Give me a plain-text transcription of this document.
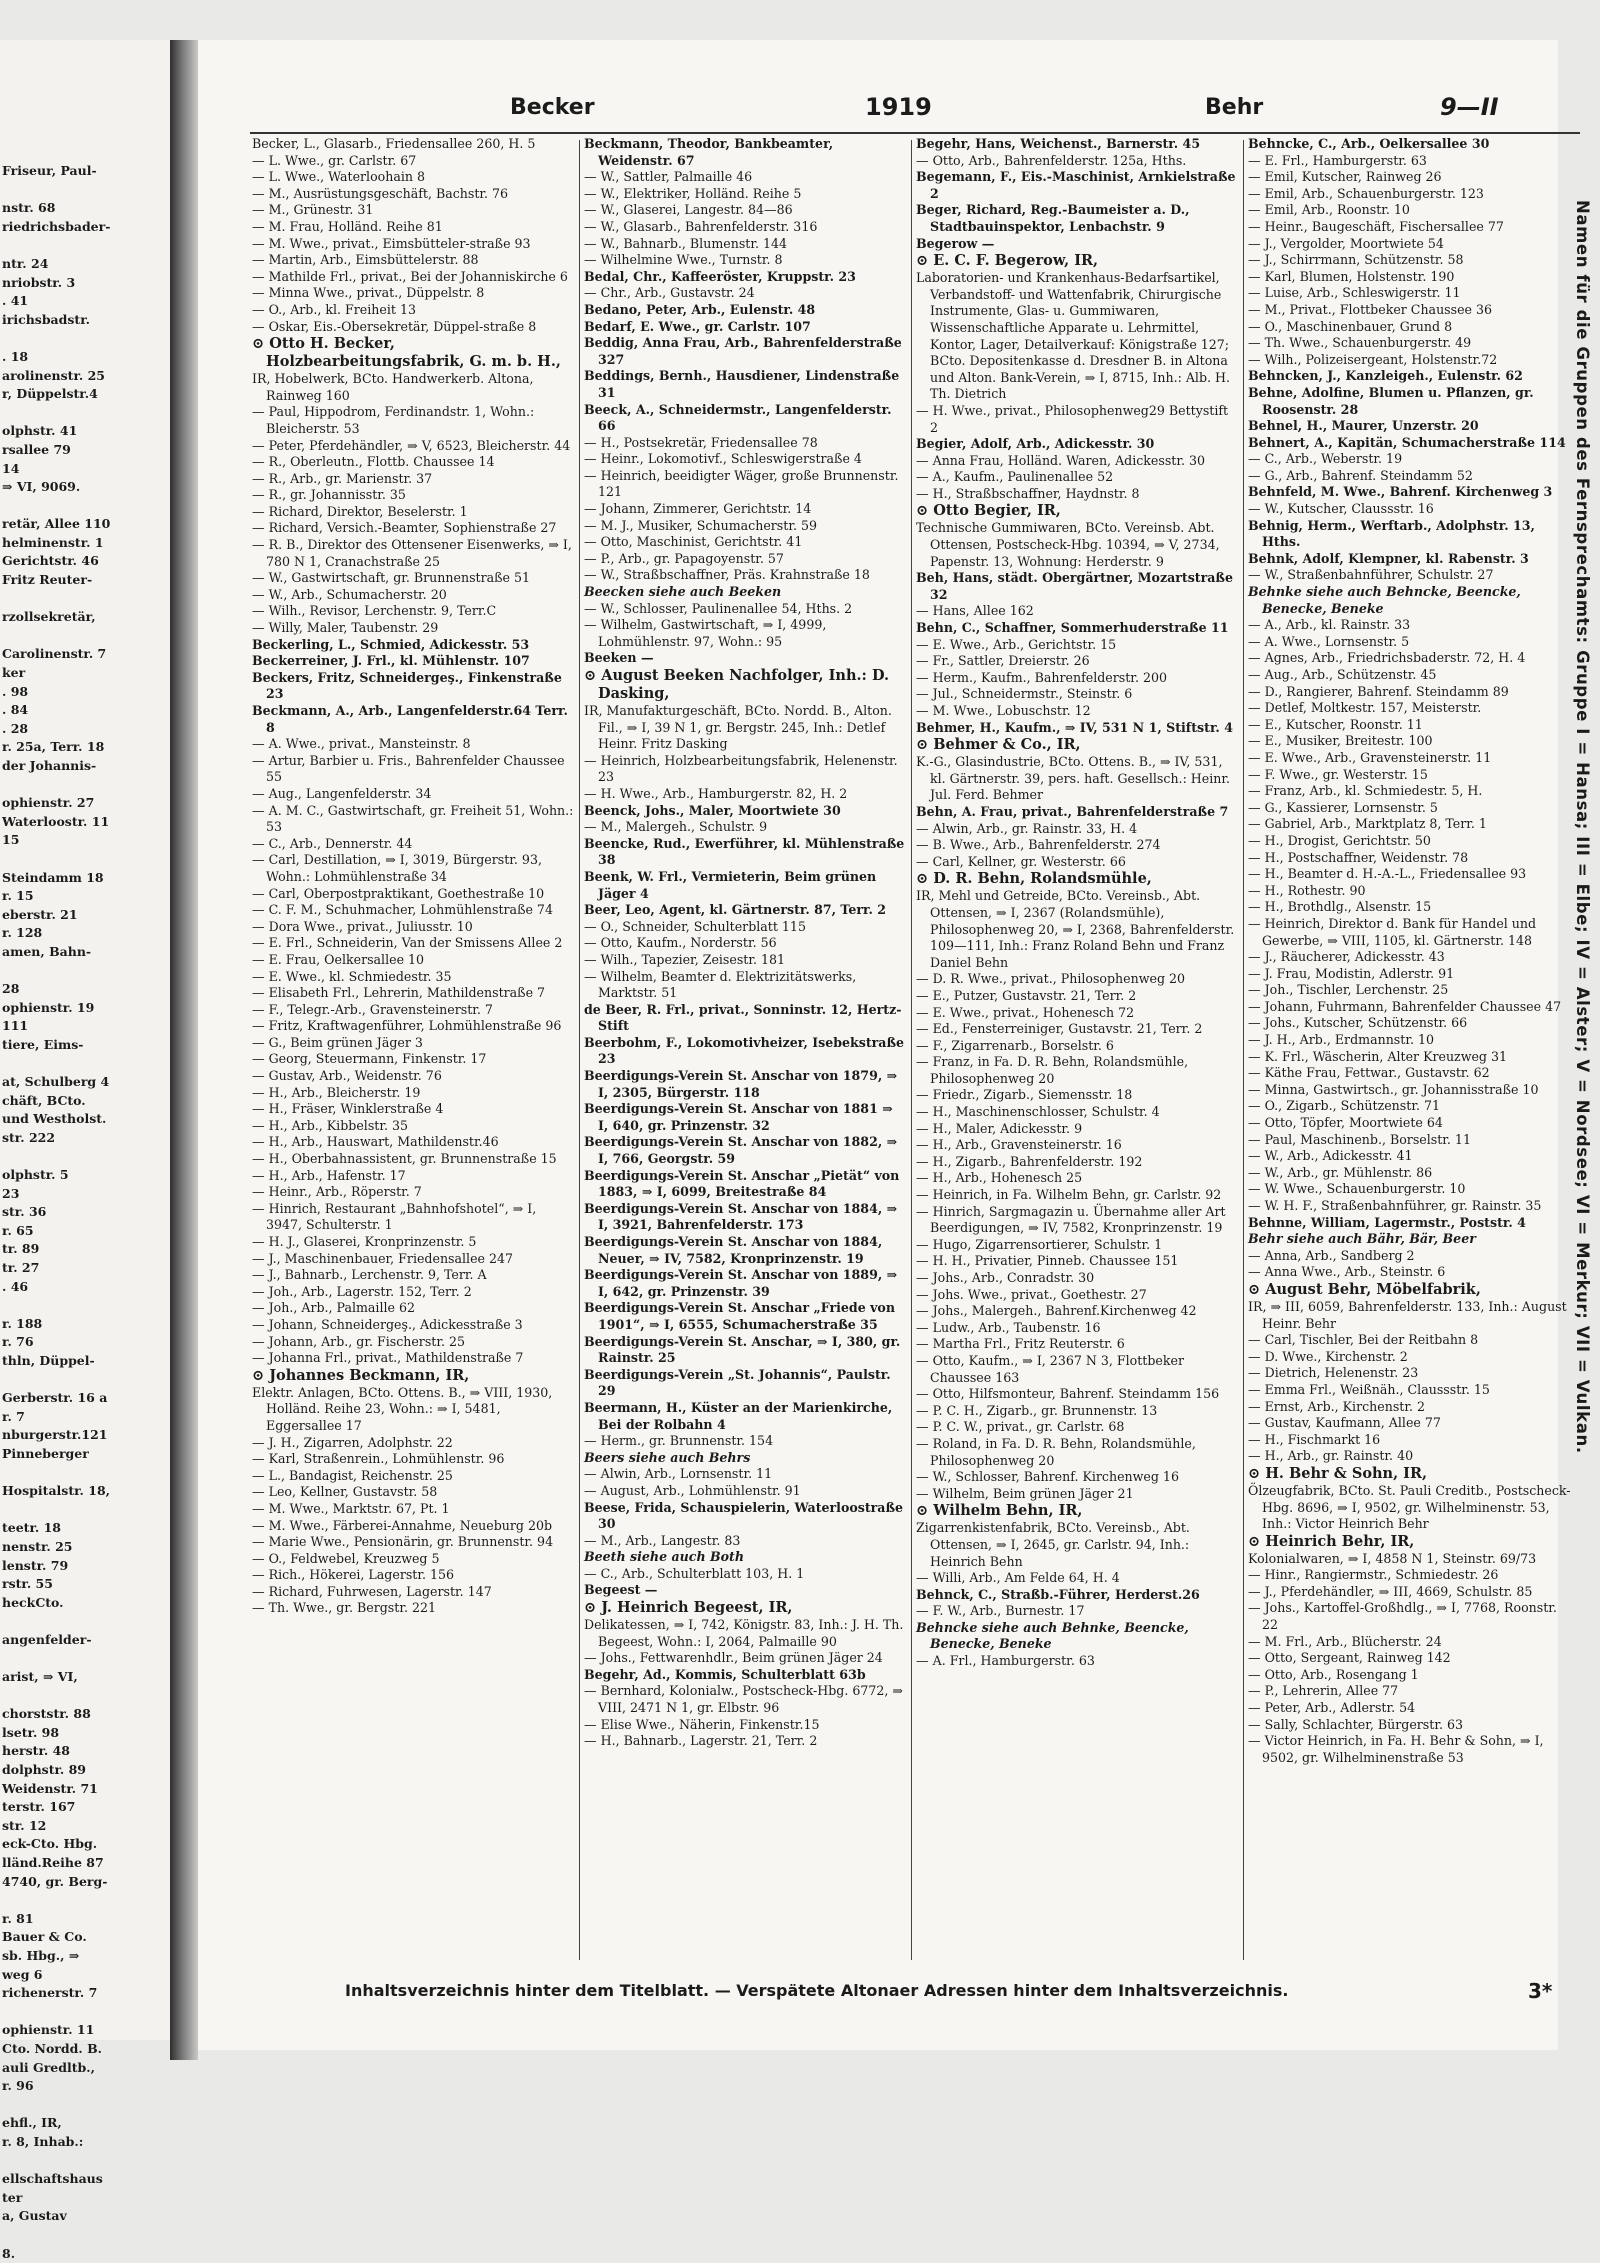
Friseur, Paul-

nstr. 68
riedrichsbader-

ntr. 24
nriobstr. 3
. 41
irichsbadstr.

. 18
arolinenstr. 25
r, Düppelstr.4

olphstr. 41
rsallee 79
14
⇒ VI, 9069.

retär, Allee 110
helminenstr. 1
Gerichtstr. 46
Fritz Reuter-

rzollsekretär,

Carolinenstr. 7
ker
. 98
. 84
. 28
r. 25a, Terr. 18
der Johannis-

ophienstr. 27
Waterloostr. 11
15

Steindamm 18
r. 15
eberstr. 21
r. 128
amen, Bahn-

28
ophienstr. 19
111
tiere, Eims-

at, Schulberg 4
chäft, BCto.
und Westholst.
str. 222

olphstr. 5
23
str. 36
r. 65
tr. 89
tr. 27
. 46

r. 188
r. 76
thln, Düppel-

Gerberstr. 16 a
r. 7
nburgerstr.121
Pinneberger

Hospitalstr. 18,

teetr. 18
nenstr. 25
lenstr. 79
rstr. 55
heckCto.

angenfelder-

arist, ⇒ VI,

chorststr. 88
lsetr. 98
herstr. 48
dolphstr. 89
Weidenstr. 71
terstr. 167
str. 12
eck-Cto. Hbg.
lländ.Reihe 87
4740, gr. Berg-

r. 81
Bauer & Co.
sb. Hbg., ⇒
weg 6
richenerstr. 7

ophienstr. 11
Cto. Nordd. B.
auli Gredltb.,
r. 96

ehfl., IR,
r. 8, Inhab.:

ellschaftshaus
ter
a, Gustav

8.
Becker	1919	Behr	9—II

Becker, L., Glasarb., Friedensallee 260, H. 5

— L. Wwe., gr. Carlstr. 67

— L. Wwe., Waterloohain 8

— M., Ausrüstungsgeschäft, Bachstr. 76

— M., Grünestr. 31

— M. Frau, Holländ. Reihe 81

— M. Wwe., privat., Eimsbütteler-straße 93

— Martin, Arb., Eimsbüttelerstr. 88

— Mathilde Frl., privat., Bei der Johanniskirche 6

— Minna Wwe., privat., Düppelstr. 8

— O., Arb., kl. Freiheit 13

— Oskar, Eis.-Obersekretär, Düppel-straße 8

⊙ Otto H. Becker, Holzbearbeitungsfabrik, G. m. b. H.,

IR, Hobelwerk, BCto. Handwerkerb. Altona, Rainweg 160

— Paul, Hippodrom, Ferdinandstr. 1, Wohn.: Bleicherstr. 53

— Peter, Pferdehändler, ⇒ V, 6523, Bleicherstr. 44

— R., Oberleutn., Flottb. Chaussee 14

— R., Arb., gr. Marienstr. 37

— R., gr. Johannisstr. 35

— Richard, Direktor, Beselerstr. 1

— Richard, Versich.-Beamter, Sophienstraße 27

— R. B., Direktor des Ottensener Eisenwerks, ⇒ I, 780 N 1, Cranachstraße 25

— W., Gastwirtschaft, gr. Brunnenstraße 51

— W., Arb., Schumacherstr. 20

— Wilh., Revisor, Lerchenstr. 9, Terr.C

— Willy, Maler, Taubenstr. 29

Beckerling, L., Schmied, Adickesstr. 53

Beckerreiner, J. Frl., kl. Mühlenstr. 107

Beckers, Fritz, Schneidergeş., Finkenstraße 23

Beckmann, A., Arb., Langenfelderstr.64 Terr. 8

— A. Wwe., privat., Manstеinstr. 8

— Artur, Barbier u. Fris., Bahrenfelder Chaussee 55

— Aug., Langenfelderstr. 34

— A. M. C., Gastwirtschaft, gr. Freiheit 51, Wohn.: 53

— C., Arb., Dennerstr. 44

— Carl, Destillation, ⇒ I, 3019, Bürgerstr. 93, Wohn.: Lohmühlenstraße 34

— Carl, Oberpostpraktikant, Goethestraße 10

— C. F. M., Schuhmacher, Lohmühlenstraße 74

— Dora Wwe., privat., Juliusstr. 10

— E. Frl., Schneiderin, Van der Smissens Allee 2

— E. Frau, Oelkersallee 10

— E. Wwe., kl. Schmiedestr. 35

— Elisabeth Frl., Lehrerin, Mathildenstraße 7

— F., Telegr.-Arb., Gravensteinerstr. 7

— Fritz, Kraftwagenführer, Lohmühlenstraße 96

— G., Beim grünen Jäger 3

— Georg, Steuermann, Finkenstr. 17

— Gustav, Arb., Weidenstr. 76

— H., Arb., Bleicherstr. 19

— H., Fräser, Winklerstraße 4

— H., Arb., Kibbelstr. 35

— H., Arb., Hauswart, Mathildenstr.46

— H., Oberbahnassistent, gr. Brunnenstraße 15

— H., Arb., Hafenstr. 17

— Heinr., Arb., Röperstr. 7

— Hinrich, Restaurant „Bahnhofshotel“, ⇒ I, 3947, Schulterstr. 1

— H. J., Glaserei, Kronprinzenstr. 5

— J., Maschinenbauer, Friedensallee 247

— J., Bahnarb., Lerchenstr. 9, Terr. A

— Joh., Arb., Lagerstr. 152, Terr. 2

— Joh., Arb., Palmaille 62

— Johann, Schneidergeş., Adickesstraße 3

— Johann, Arb., gr. Fischerstr. 25

— Johanna Frl., privat., Mathildenstraße 7

⊙ Johannes Beckmann, IR,

Elektr. Anlagen, BCto. Ottens. B., ⇒ VIII, 1930, Holländ. Reihe 23, Wohn.: ⇒ I, 5481, Eggersallee 17

— J. H., Zigarren, Adolphstr. 22

— Karl, Straßenrein., Lohmühlenstr. 96

— L., Bandagist, Reichenstr. 25

— Leo, Kellner, Gustavstr. 58

— M. Wwe., Marktstr. 67, Pt. 1

— M. Wwe., Färberei-Annahme, Neueburg 20b

— Marie Wwe., Pensionärin, gr. Brunnenstr. 94

— O., Feldwebel, Kreuzweg 5

— Rich., Hökerei, Lagerstr. 156

— Richard, Fuhrwesen, Lagerstr. 147

— Th. Wwe., gr. Bergstr. 221

Beckmann, Theodor, Bankbeamter, Weidenstr. 67

— W., Sattler, Palmaille 46

— W., Elektriker, Holländ. Reihe 5

— W., Glaserei, Langestr. 84—86

— W., Glasarb., Bahrenfelderstr. 316

— W., Bahnarb., Blumenstr. 144

— Wilhelmine Wwe., Turnstr. 8

Bedal, Chr., Kaffeeröster, Kruppstr. 23

— Chr., Arb., Gustavstr. 24

Bedano, Peter, Arb., Eulenstr. 48

Bedarf, E. Wwe., gr. Carlstr. 107

Beddig, Anna Frau, Arb., Bahrenfelderstraße 327

Beddings, Bernh., Hausdiener, Lindenstraße 31

Beeck, A., Schneidermstr., Langenfelderstr. 66

— H., Postsekretär, Friedensallee 78

— Heinr., Lokomotivf., Schleswigerstraße 4

— Heinrich, beeidigter Wäger, große Brunnenstr. 121

— Johann, Zimmerer, Gerichtstr. 14

— M. J., Musiker, Schumacherstr. 59

— Otto, Maschinist, Gerichtstr. 41

— P., Arb., gr. Papagoyenstr. 57

— W., Straßbschaffner, Präs. Krahnstraße 18

Beecken siehe auch Beeken

— W., Schlosser, Paulinenallee 54, Hths. 2

— Wilhelm, Gastwirtschaft, ⇒ I, 4999, Lohmühlenstr. 97, Wohn.: 95

Beeken —

⊙ August Beeken Nachfolger, Inh.: D. Dasking,

IR, Manufakturgeschäft, BCto. Nordd. B., Alton. Fil., ⇒ I, 39 N 1, gr. Bergstr. 245, Inh.: Detlef Heinr. Fritz Dasking

— Heinrich, Holzbearbeitungsfabrik, Helenenstr. 23

— H. Wwe., Arb., Hamburgerstr. 82, H. 2

Beenck, Johs., Maler, Moortwiete 30

— M., Malergeh., Schulstr. 9

Beencke, Rud., Ewerführer, kl. Mühlenstraße 38

Beenk, W. Frl., Vermieterin, Beim grünen Jäger 4

Beer, Leo, Agent, kl. Gärtnerstr. 87, Terr. 2

— O., Schneider, Schulterblatt 115

— Otto, Kaufm., Norderstr. 56

— Wilh., Tapezier, Zeisestr. 181

— Wilhelm, Beamter d. Elektrizitätswerks, Marktstr. 51

de Beer, R. Frl., privat., Sonninstr. 12, Hertz-Stift

Beerbohm, F., Lokomotivheizer, Isebekstraße 23

Beerdigungs-Verein St. Anschar von 1879, ⇒ I, 2305, Bürgerstr. 118

Beerdigungs-Verein St. Anschar von 1881 ⇒ I, 640, gr. Prinzenstr. 32

Beerdigungs-Verein St. Anschar von 1882, ⇒ I, 766, Georgstr. 59

Beerdigungs-Verein St. Anschar „Pietät“ von 1883, ⇒ I, 6099, Breitestraße 84

Beerdigungs-Verein St. Anschar von 1884, ⇒ I, 3921, Bahrenfelderstr. 173

Beerdigungs-Verein St. Anschar von 1884, Neuer, ⇒ IV, 7582, Kronprinzenstr. 19

Beerdigungs-Verein St. Anschar von 1889, ⇒ I, 642, gr. Prinzenstr. 39

Beerdigungs-Verein St. Anschar „Friede von 1901“, ⇒ I, 6555, Schumacherstraße 35

Beerdigungs-Verein St. Anschar, ⇒ I, 380, gr. Rainstr. 25

Beerdigungs-Verein „St. Johannis“, Paulstr. 29

Beermann, H., Küster an der Marienkirche, Bei der Rolbahn 4

— Herm., gr. Brunnenstr. 154

Beers siehe auch Behrs

— Alwin, Arb., Lornsenstr. 11

— August, Arb., Lohmühlenstr. 91

Beese, Frida, Schauspielerin, Waterloostraße 30

— M., Arb., Langestr. 83

Beeth siehe auch Both

— C., Arb., Schulterblatt 103, H. 1

Begeest —

⊙ J. Heinrich Begeest, IR,

Delikatessen, ⇒ I, 742, Königstr. 83, Inh.: J. H. Th. Begeest, Wohn.: I, 2064, Palmaille 90

— Johs., Fettwarenhdlr., Beim grünen Jäger 24

Begehr, Ad., Kommis, Schulterblatt 63b

— Bernhard, Kolonialw., Postscheck-Hbg. 6772, ⇒ VIII, 2471 N 1, gr. Elbstr. 96

— Elise Wwe., Näherin, Finkenstr.15

— H., Bahnarb., Lagerstr. 21, Terr. 2

Begehr, Hans, Weichenst., Barnerstr. 45

— Otto, Arb., Bahrenfelderstr. 125a, Hths.

Begemann, F., Eis.-Maschinist, Arnkielstraße 2

Beger, Richard, Reg.-Baumeister a. D., Stadtbauinspektor, Lenbachstr. 9

Begerow —

⊙ E. C. F. Begerow, IR,

Laboratorien- und Krankenhaus-Bedarfsartikel, Verbandstoff- und Wattenfabrik, Chirurgische Instrumente, Glas- u. Gummiwaren, Wissenschaftliche Apparate u. Lehrmittel, Kontor, Lager, Detailverkauf: Königstraße 127; BCto. Depositenkasse d. Dresdner B. in Altona und Alton. Bank-Verein, ⇒ I, 8715, Inh.: Alb. H. Th. Dietrich

— H. Wwe., privat., Philosophenweg29 Bettystift 2

Begier, Adolf, Arb., Adickesstr. 30

— Anna Frau, Holländ. Waren, Adickesstr. 30

— A., Kaufm., Paulinenallee 52

— H., Straßbschaffner, Haydnstr. 8

⊙ Otto Begier, IR,

Technische Gummiwaren, BCto. Vereinsb. Abt. Ottensen, Postscheck-Hbg. 10394, ⇒ V, 2734, Papenstr. 13, Wohnung: Herderstr. 9

Beh, Hans, städt. Obergärtner, Mozartstraße 32

— Hans, Allee 162

Behn, C., Schaffner, Sommerhuderstraße 11

— E. Wwe., Arb., Gerichtstr. 15

— Fr., Sattler, Dreierstr. 26

— Herm., Kaufm., Bahrenfelderstr. 200

— Jul., Schneidermstr., Steinstr. 6

— M. Wwe., Lobuschstr. 12

Behmer, H., Kaufm., ⇒ IV, 531 N 1, Stiftstr. 4

⊙ Behmer & Co., IR,

K.-G., Glasindustrie, BCto. Ottens. B., ⇒ IV, 531, kl. Gärtnerstr. 39, pers. haft. Gesellsch.: Heinr. Jul. Ferd. Behmer

Behn, A. Frau, privat., Bahrenfelderstraße 7

— Alwin, Arb., gr. Rainstr. 33, H. 4

— B. Wwe., Arb., Bahrenfelderstr. 274

— Carl, Kellner, gr. Westerstr. 66

⊙ D. R. Behn, Rolandsmühle,

IR, Mehl und Getreide, BCto. Vereinsb., Abt. Ottensen, ⇒ I, 2367 (Rolandsmühle), Philosophenweg 20, ⇒ I, 2368, Bahrenfelderstr. 109—111, Inh.: Franz Roland Behn und Franz Daniel Behn

— D. R. Wwe., privat., Philosophenweg 20

— E., Putzer, Gustavstr. 21, Terr. 2

— E. Wwe., privat., Hohenesch 72

— Ed., Fensterreiniger, Gustavstr. 21, Terr. 2

— F., Zigarrenarb., Borselstr. 6

— Franz, in Fa. D. R. Behn, Rolandsmühle, Philosophenweg 20

— Friedr., Zigarb., Siemensstr. 18

— H., Maschinenschlosser, Schulstr. 4

— H., Maler, Adickesstr. 9

— H., Arb., Gravensteinerstr. 16

— H., Zigarb., Bahrenfelderstr. 192

— H., Arb., Hohenesch 25

— Heinrich, in Fa. Wilhelm Behn, gr. Carlstr. 92

— Hinrich, Sargmagazin u. Übernahme aller Art Beerdigungen, ⇒ IV, 7582, Kronprinzenstr. 19

— Hugo, Zigarrensortierer, Schulstr. 1

— H. H., Privatier, Pinneb. Chaussee 151

— Johs., Arb., Conradstr. 30

— Johs. Wwe., privat., Goethestr. 27

— Johs., Malergeh., Bahrenf.Kirchenweg 42

— Ludw., Arb., Taubenstr. 16

— Martha Frl., Fritz Reuterstr. 6

— Otto, Kaufm., ⇒ I, 2367 N 3, Flottbeker Chaussee 163

— Otto, Hilfsmonteur, Bahrenf. Steindamm 156

— P. C. H., Zigarb., gr. Brunnenstr. 13

— P. C. W., privat., gr. Carlstr. 68

— Roland, in Fa. D. R. Behn, Rolandsmühle, Philosophenweg 20

— W., Schlosser, Bahrenf. Kirchenweg 16

— Wilhelm, Beim grünen Jäger 21

⊙ Wilhelm Behn, IR,

Zigarrenkistenfabrik, BCto. Vereinsb., Abt. Ottensen, ⇒ I, 2645, gr. Carlstr. 94, Inh.: Heinrich Behn

— Willi, Arb., Am Felde 64, H. 4

Behnck, C., Straßb.-Führer, Herderst.26

— F. W., Arb., Burnestr. 17

Behncke siehe auch Behnke, Beencke, Benecke, Beneke

— A. Frl., Hamburgerstr. 63

Behncke, C., Arb., Oelkersallee 30

— E. Frl., Hamburgerstr. 63

— Emil, Kutscher, Rainweg 26

— Emil, Arb., Schauenburgerstr. 123

— Emil, Arb., Roonstr. 10

— Heinr., Baugeschäft, Fischersallee 77

— J., Vergolder, Moortwiete 54

— J., Schirrmann, Schützenstr. 58

— Karl, Blumen, Holstenstr. 190

— Luise, Arb., Schleswigerstr. 11

— M., Privat., Flottbeker Chaussee 36

— O., Maschinenbauer, Grund 8

— Th. Wwe., Schauenburgerstr. 49

— Wilh., Polizeisergeant, Holstenstr.72

Behncken, J., Kanzleigeh., Eulenstr. 62

Behne, Adolfine, Blumen u. Pflanzen, gr. Roosenstr. 28

Behnel, H., Maurer, Unzerstr. 20

Behnert, A., Kapitän, Schumacherstraße 114

— C., Arb., Weberstr. 19

— G., Arb., Bahrenf. Steindamm 52

Behnfeld, M. Wwe., Bahrenf. Kirchenweg 3

— W., Kutscher, Claussstr. 16

Behnig, Herm., Werftarb., Adolphstr. 13, Hths.

Behnk, Adolf, Klempner, kl. Rabenstr. 3

— W., Straßenbahnführer, Schulstr. 27

Behnke siehe auch Behncke, Beencke, Benecke, Beneke

— A., Arb., kl. Rainstr. 33

— A. Wwe., Lornsenstr. 5

— Agnes, Arb., Friedrichsbaderstr. 72, H. 4

— Aug., Arb., Schützenstr. 45

— D., Rangierer, Bahrenf. Steindamm 89

— Detlef, Moltkestr. 157, Meisterstr.

— E., Kutscher, Roonstr. 11

— E., Musiker, Breitestr. 100

— E. Wwe., Arb., Gravensteinerstr. 11

— F. Wwe., gr. Westerstr. 15

— Franz, Arb., kl. Schmiedestr. 5, H.

— G., Kassierer, Lornsenstr. 5

— Gabriel, Arb., Marktplatz 8, Terr. 1

— H., Drogist, Gerichtstr. 50

— H., Postschaffner, Weidenstr. 78

— H., Beamter d. H.-A.-L., Friedensallee 93

— H., Rothestr. 90

— H., Brothdlg., Alsenstr. 15

— Heinrich, Direktor d. Bank für Handel und Gewerbe, ⇒ VIII, 1105, kl. Gärtnerstr. 148

— J., Räucherer, Adickesstr. 43

— J. Frau, Modistin, Adlerstr. 91

— Joh., Tischler, Lerchenstr. 25

— Johann, Fuhrmann, Bahrenfelder Chaussee 47

— Johs., Kutscher, Schützenstr. 66

— J. H., Arb., Erdmannstr. 10

— K. Frl., Wäscherin, Alter Kreuzweg 31

— Käthe Frau, Fettwar., Gustavstr. 62

— Minna, Gastwirtsch., gr. Johannisstraße 10

— O., Zigarb., Schützenstr. 71

— Otto, Töpfer, Moortwiete 64

— Paul, Maschinenb., Borselstr. 11

— W., Arb., Adickesstr. 41

— W., Arb., gr. Mühlenstr. 86

— W. Wwe., Schauenburgerstr. 10

— W. H. F., Straßenbahnführer, gr. Rainstr. 35

Behnne, William, Lagermstr., Poststr. 4

Behr siehe auch Bähr, Bär, Beer

— Anna, Arb., Sandberg 2

— Anna Wwe., Arb., Steinstr. 6

⊙ August Behr, Möbelfabrik,

IR, ⇒ III, 6059, Bahrenfelderstr. 133, Inh.: August Heinr. Behr

— Carl, Tischler, Bei der Reitbahn 8

— D. Wwe., Kirchenstr. 2

— Dietrich, Helenenstr. 23

— Emma Frl., Weißnäh., Claussstr. 15

— Ernst, Arb., Kirchenstr. 2

— Gustav, Kaufmann, Allee 77

— H., Fischmarkt 16

— H., Arb., gr. Rainstr. 40

⊙ H. Behr & Sohn, IR,

Ölzeugfabrik, BCto. St. Pauli Creditb., Postscheck-Hbg. 8696, ⇒ I, 9502, gr. Wilhelminenstr. 53, Inh.: Victor Heinrich Behr

⊙ Heinrich Behr, IR,

Kolonialwaren, ⇒ I, 4858 N 1, Steinstr. 69/73

— Hinr., Rangiermstr., Schmiedestr. 26

— J., Pferdehändler, ⇒ III, 4669, Schulstr. 85

— Johs., Kartoffel-Großhdlg., ⇒ I, 7768, Roonstr. 22

— M. Frl., Arb., Blücherstr. 24

— Otto, Sergeant, Rainweg 142

— Otto, Arb., Rosengang 1

— P., Lehrerin, Allee 77

— Peter, Arb., Adlerstr. 54

— Sally, Schlachter, Bürgerstr. 63

— Victor Heinrich, in Fa. H. Behr & Sohn, ⇒ I, 9502, gr. Wilhelminenstraße 53

Namen für die Gruppen des Fernsprechamts: Gruppe I = Hansa; III = Elbe; IV = Alster; V = Nordsee; VI = Merkur; VII = Vulkan.
Inhaltsverzeichnis hinter dem Titelblatt. — Verspätete Altonaer Adressen hinter dem Inhaltsverzeichnis.	3*
